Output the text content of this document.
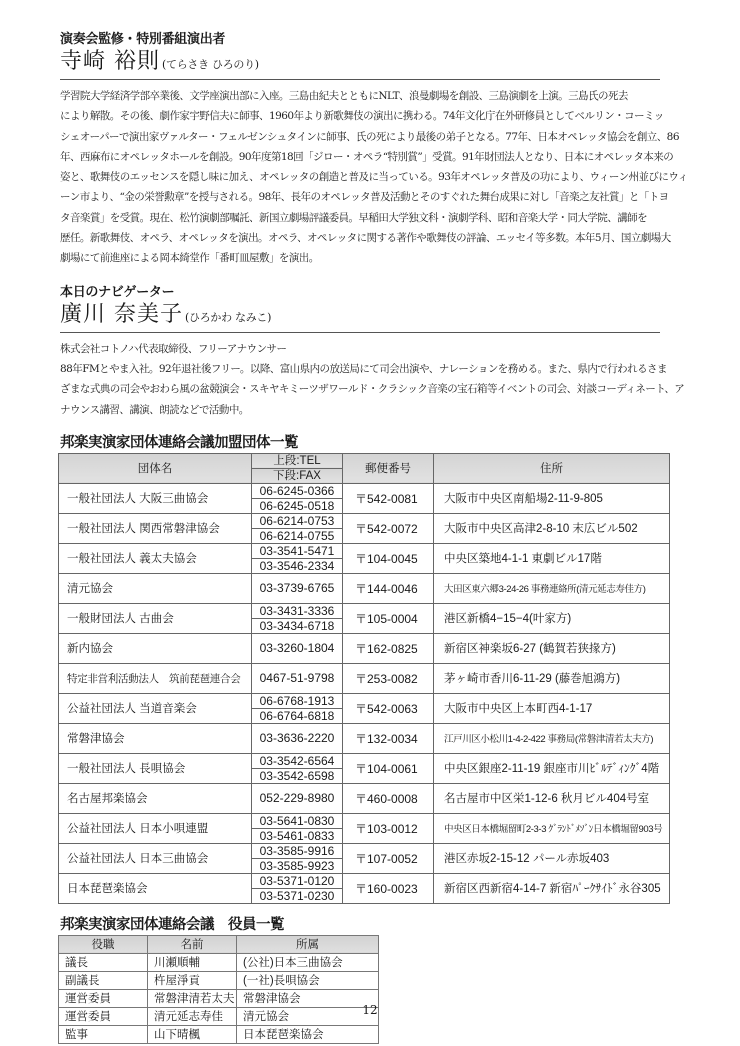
演奏会監修・特別番組演出者
寺崎 裕則 (てらさき ひろのり)

学習院大学経済学部卒業後、文学座演出部に入座。三島由紀夫とともにNLT、浪曼劇場を創設、三島演劇を上演。三島氏の死去

により解散。その後、劇作家宇野信夫に師事、1960年より新歌舞伎の演出に携わる。74年文化庁在外研修員としてベルリン・コーミッ

シェオーパーで演出家ヴァルター・フェルゼンシュタインに師事、氏の死により最後の弟子となる。77年、日本オペレッタ協会を創立、86

年、西麻布にオペレッタホールを創設。90年度第18回「ジロー・オペラ“特別賞”」受賞。91年財団法人となり、日本にオペレッタ本来の

姿と、歌舞伎のエッセンスを隠し味に加え、オペレッタの創造と普及に当っている。93年オペレッタ普及の功により、ウィーン州並びにウィ

ーン市より、“金の栄誉勲章”を授与される。98年、長年のオペレッタ普及活動とそのすぐれた舞台成果に対し「音楽之友社賞」と「トヨ

タ音楽賞」を受賞。現在、松竹演劇部嘱託、新国立劇場評議委員。早稲田大学独文科・演劇学科、昭和音楽大学・同大学院、講師を

歴任。新歌舞伎、オペラ、オペレッタを演出。オペラ、オペレッタに関する著作や歌舞伎の評論、エッセイ等多数。本年5月、国立劇場大

劇場にて前進座による岡本綺堂作「番町皿屋敷」を演出。

本日のナビゲーター
廣川 奈美子 (ひろかわ なみこ)

株式会社コトノハ代表取締役、フリーアナウンサー

88年FMとやま入社。92年退社後フリー。以降、富山県内の放送局にて司会出演や、ナレーションを務める。また、県内で行われるさま

ざまな式典の司会やおわら風の盆競演会・スキヤキミーツザワールド・クラシック音楽の宝石箱等イベントの司会、対談コーディネート、ア

ナウンス講習、講演、朗読などで活動中。

邦楽実演家団体連絡会議加盟団体一覧
団体名	上段:TEL	郵便番号	住所
	下段:FAX		
一般社団法人 大阪三曲協会	06-6245-0366	〒542-0081	大阪市中央区南船場2-11-9-805
	06-6245-0518		
一般社団法人 関西常磐津協会	06-6214-0753	〒542-0072	大阪市中央区高津2-8-10 末広ビル502
	06-6214-0755		
一般社団法人 義太夫協会	03-3541-5471	〒104-0045	中央区築地4-1-1 東劇ビル17階
	03-3546-2334		
清元協会	03-3739-6765	〒144-0046	大田区東六郷3-24-26 事務連絡所(清元延志寿佳方)
一般財団法人 古曲会	03-3431-3336	〒105-0004	港区新橋4−15−4(叶家方)
	03-3434-6718		
新内協会	03-3260-1804	〒162-0825	新宿区神楽坂6-27 (鶴賀若狭掾方)
特定非営利活動法人　筑前琵琶連合会	0467-51-9798	〒253-0082	茅ヶ崎市香川6-11-29 (藤巻旭鴻方)
公益社団法人 当道音楽会	06-6768-1913	〒542-0063	大阪市中央区上本町西4-1-17
	06-6764-6818		
常磐津協会	03-3636-2220	〒132-0034	江戸川区小松川1-4-2-422 事務局(常磐津清若太夫方)
一般社団法人 長唄協会	03-3542-6564	〒104-0061	中央区銀座2-11-19 銀座市川ﾋﾞﾙﾃﾞｨﾝｸﾞ4階
	03-3542-6598		
名古屋邦楽協会	052-229-8980	〒460-0008	名古屋市中区栄1-12-6 秋月ビル404号室
公益社団法人 日本小唄連盟	03-5641-0830	〒103-0012	中央区日本橋堀留町2-3-3 ｸﾞﾗﾝﾄﾞﾒｿﾞﾝ日本橋堀留903号
	03-5461-0833		
公益社団法人 日本三曲協会	03-3585-9916	〒107-0052	港区赤坂2-15-12 パール赤坂403
	03-3585-9923		
日本琵琶楽協会	03-5371-0120	〒160-0023	新宿区西新宿4-14-7 新宿ﾊﾟｰｸｻｲﾄﾞ永谷305
	03-5371-0230		
邦楽実演家団体連絡会議　役員一覧
役職	名前	所属
議長	川瀬順輔	(公社)日本三曲協会
副議長	杵屋淨貢	(一社)長唄協会
運営委員	常磐津清若太夫	常磐津協会
運営委員	清元延志寿佳	清元協会
監事	山下晴楓	日本琵琶楽協会
12
